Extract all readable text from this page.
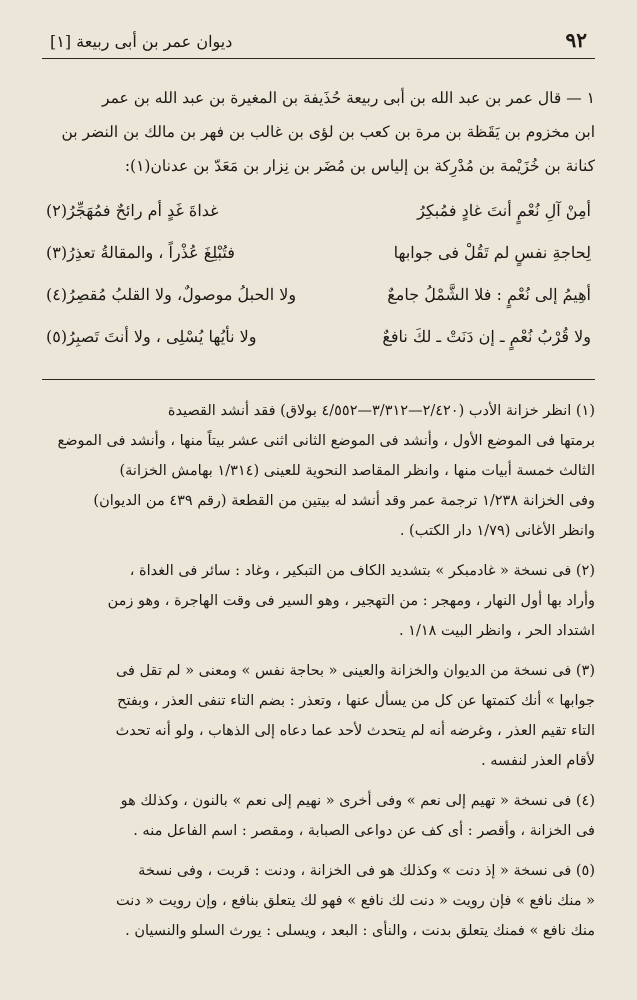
٩٢
ديوان عمر بن أبى ربيعة [١]

١ — قال عمر بن عبد الله بن أبى ربيعة حُذَيفة بن المغيرة بن عبد الله بن عمر

ابن مخزوم بن يَقَظة بن مرة بن كعب بن لؤى بن غالب بن فهر بن مالك بن النضر بن

كنانة بن خُزَيْمة بن مُدْرِكة بن إلياس بن مُضَر بن نِزار بن مَعَدّ بن عدنان(١):

أمِنْ آلِ نُعْمٍ أنتَ غادٍ فمُبكِرُ
غداةَ غَدٍ أم رائحٌ فمُهَجِّرُ(٢)
لِحاجةِ نفسٍ لم تَقُلْ فى جوابها
فتُبْلِغَ عُذْراً ، والمقالةُ تعذِرُ(٣)
أهِيمُ إلى نُعْمٍ : فلا الشَّمْلُ جامعٌ
ولا الحبلُ موصولٌ، ولا القلبُ مُقصِرُ(٤)
ولا قُرْبُ نُعْمٍ ـ إن دَنَتْ ـ لكَ نافعٌ
ولا نأيُها يُسْلِى ، ولا أنتَ تَصبِرُ(٥)
(١) انظر خزانة الأدب (٢/٤٢٠—٣/٣١٢—٤/٥٥٢ بولاق) فقد أنشد القصيدة
برمتها فى الموضع الأول ، وأنشد فى الموضع الثانى اثنى عشر بيتاً منها ، وأنشد فى الموضع
الثالث خمسة أبيات منها ، وانظر المقاصد النحوية للعينى (١/٣١٤ بهامش الخزانة)
وفى الخزانة ١/٢٣٨ ترجمة عمر وقد أنشد له بيتين من القطعة (رقم ٤٣٩ من الديوان)
وانظر الأغانى (١/٧٩ دار الكتب) .
(٢) فى نسخة « غادمبكر » بتشديد الكاف من التبكير ، وغاد : سائر فى الغداة ،
وأراد بها أول النهار ، ومهجر : من التهجير ، وهو السير فى وقت الهاجرة ، وهو زمن
اشتداد الحر ، وانظر البيت ١/١٨ .
(٣) فى نسخة من الديوان والخزانة والعينى « بحاجة نفس » ومعنى « لم تقل فى
جوابها » أنك كتمتها عن كل من يسأل عنها ، وتعذر : بضم التاء تنفى العذر ، وبفتح
التاء تقيم العذر ، وغرضه أنه لم يتحدث لأحد عما دعاه إلى الذهاب ، ولو أنه تحدث
لأقام العذر لنفسه .
(٤) فى نسخة « تهيم إلى نعم » وفى أخرى « نهيم إلى نعم » بالنون ، وكذلك هو
فى الخزانة ، وأقصر : أى كف عن دواعى الصبابة ، ومقصر : اسم الفاعل منه .
(٥) فى نسخة « إذ دنت » وكذلك هو فى الخزانة ، ودنت : قربت ، وفى نسخة
« منك نافع » فإن رويت « دنت لك نافع » فهو لك يتعلق بنافع ، وإن رويت « دنت
منك نافع » فمنك يتعلق بدنت ، والنأى : البعد ، ويسلى : يورث السلو والنسيان .
